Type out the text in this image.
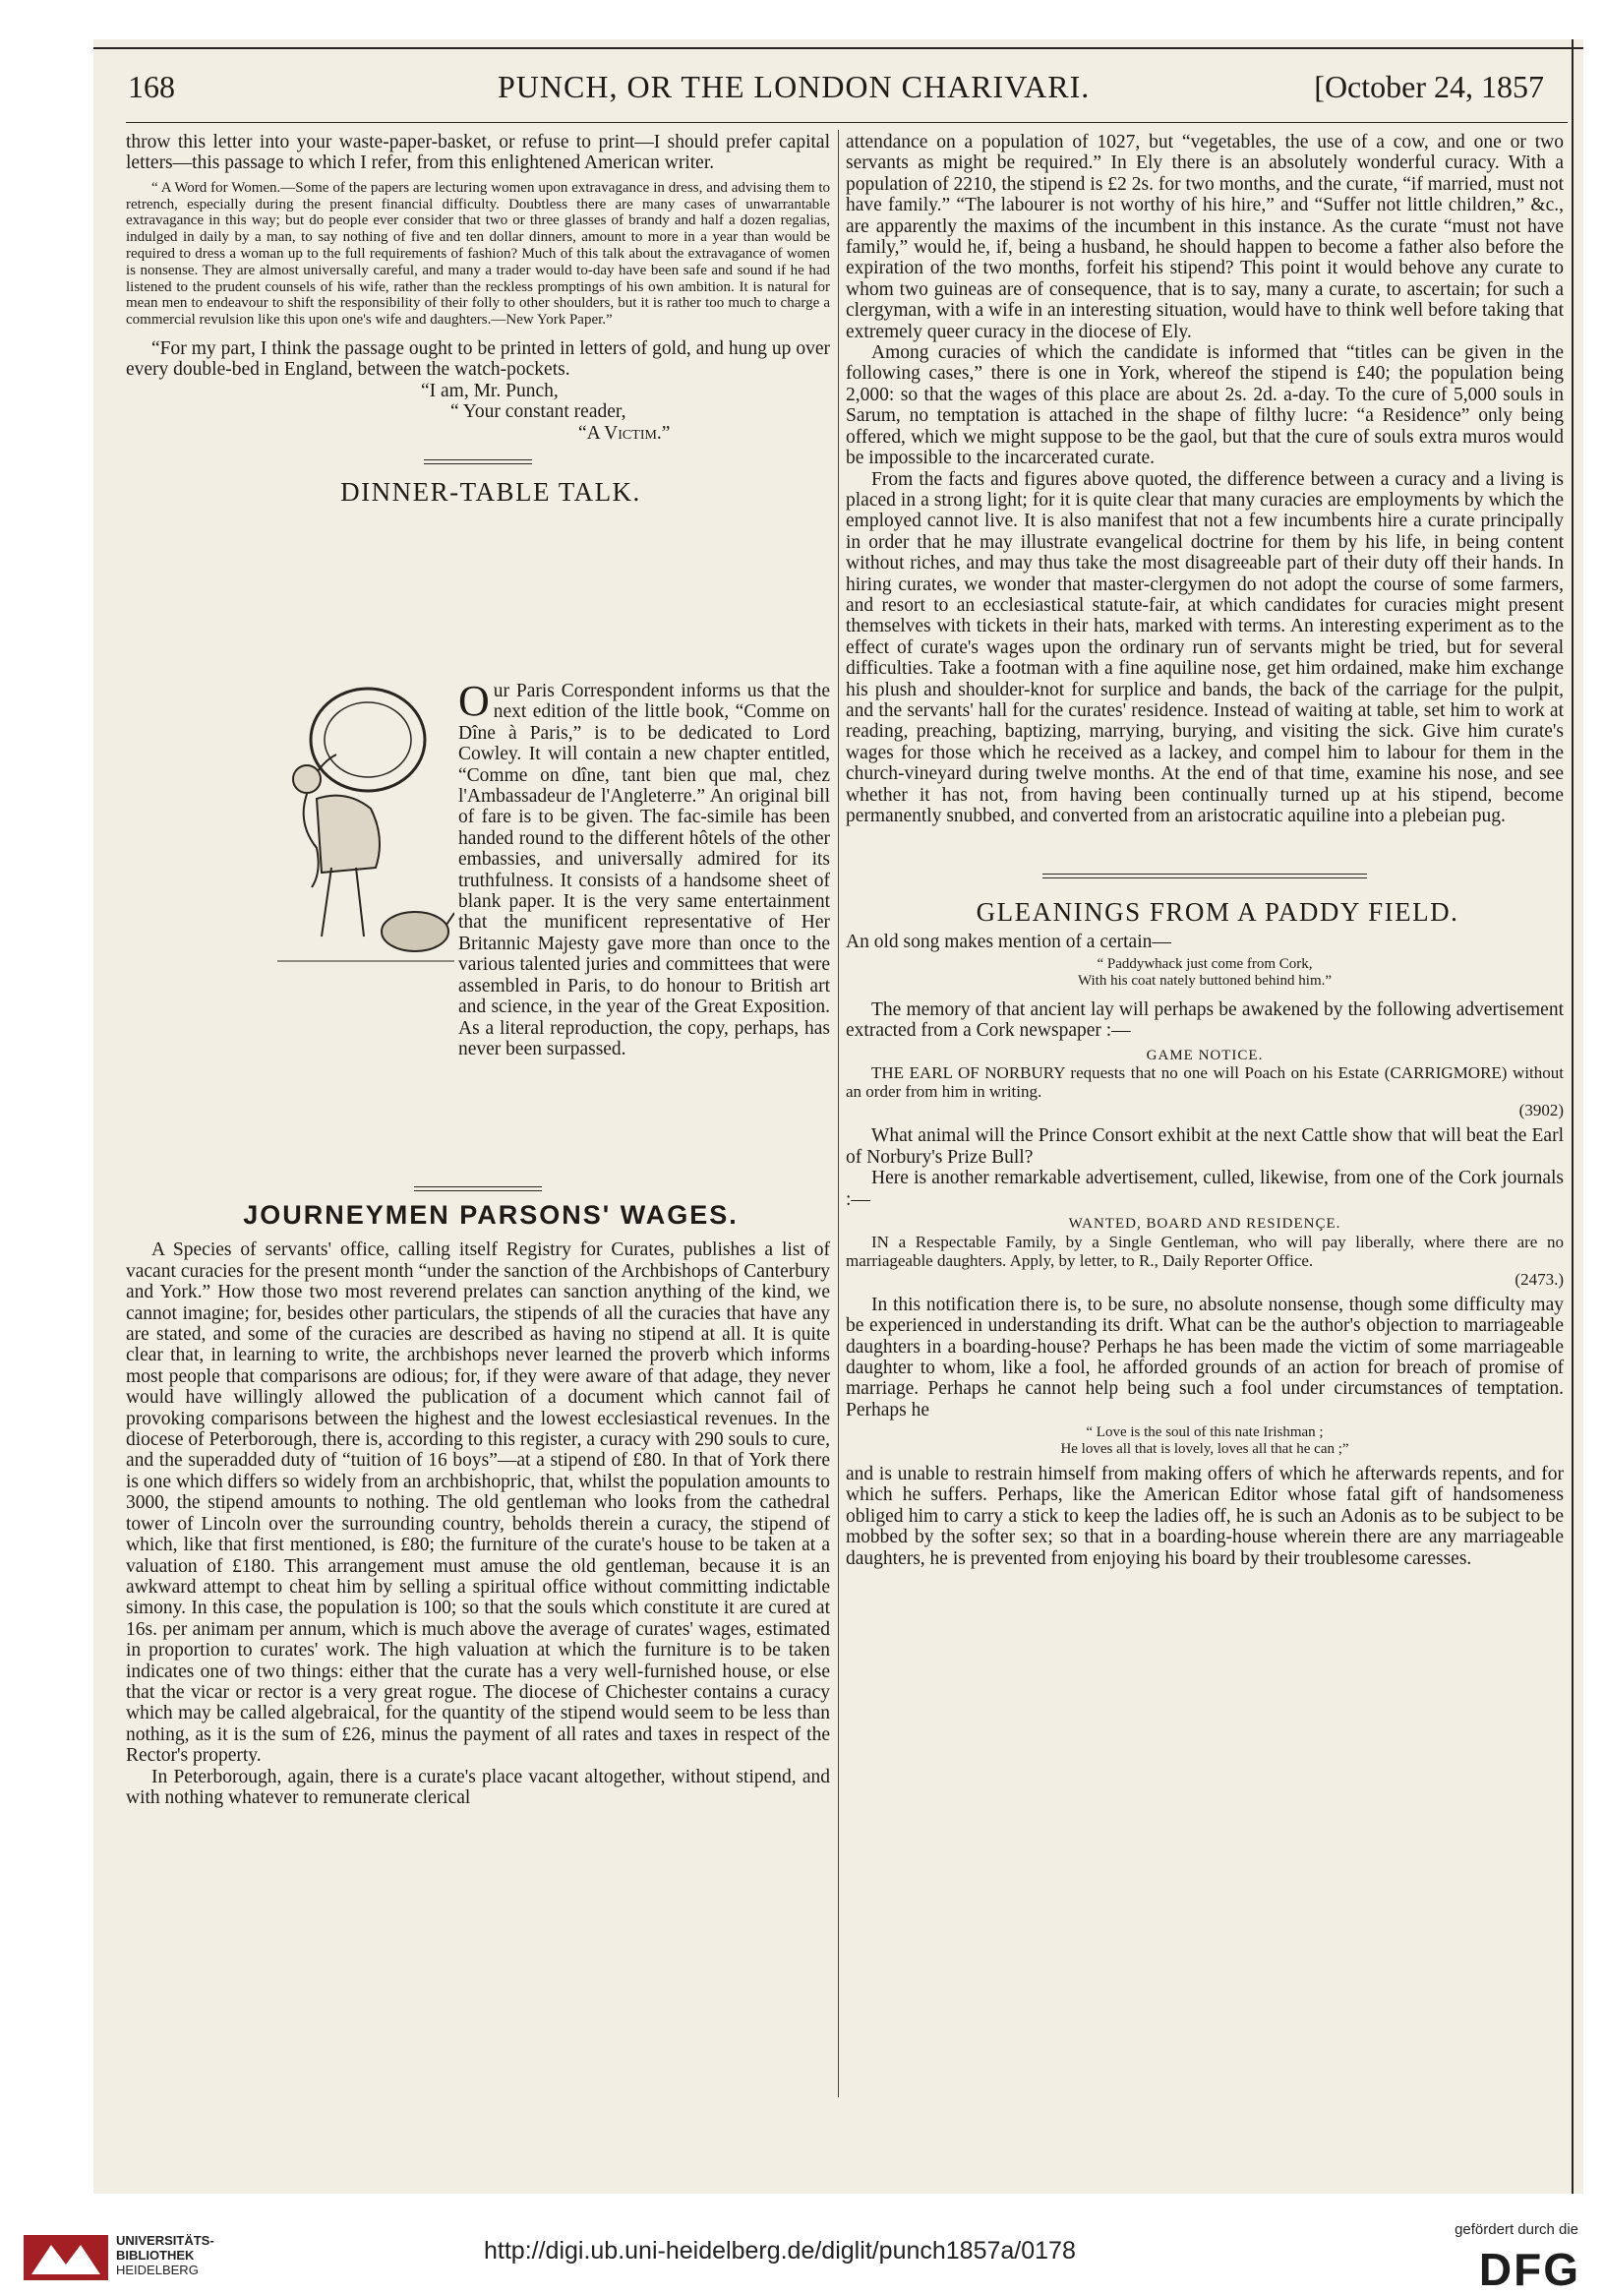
168	PUNCH, OR THE LONDON CHARIVARI.	[October 24, 1857

throw this letter into your waste-paper-basket, or refuse to print—I should prefer capital letters—this passage to which I refer, from this enlightened American writer.

“ A Word for Women.—Some of the papers are lecturing women upon extravagance in dress, and advising them to retrench, especially during the present financial difficulty. Doubtless there are many cases of unwarrantable extravagance in this way; but do people ever consider that two or three glasses of brandy and half a dozen regalias, indulged in daily by a man, to say nothing of five and ten dollar dinners, amount to more in a year than would be required to dress a woman up to the full requirements of fashion? Much of this talk about the extravagance of women is nonsense. They are almost universally careful, and many a trader would to-day have been safe and sound if he had listened to the prudent counsels of his wife, rather than the reckless promptings of his own ambition. It is natural for mean men to endeavour to shift the responsibility of their folly to other shoulders, but it is rather too much to charge a commercial revulsion like this upon one's wife and daughters.—New York Paper.”

“For my part, I think the passage ought to be printed in letters of gold, and hung up over every double-bed in England, between the watch-pockets.

“I am, Mr. Punch,

“ Your constant reader,

“A Victim.”

DINNER-TABLE TALK.

Our Paris Correspondent informs us that the next edition of the little book, “Comme on Dîne à Paris,” is to be dedicated to Lord Cowley. It will contain a new chapter entitled, “Comme on dîne, tant bien que mal, chez l'Ambassadeur de l'Angleterre.” An original bill of fare is to be given. The fac-simile has been handed round to the different hôtels of the other embassies, and universally admired for its truthfulness. It consists of a handsome sheet of blank paper. It is the very same entertainment that the munificent representative of Her Britannic Majesty gave more than once to the various talented juries and committees that were assembled in Paris, to do honour to British art and science, in the year of the Great Exposition. As a literal reproduction, the copy, perhaps, has never been surpassed.

JOURNEYMEN PARSONS' WAGES.

A Species of servants' office, calling itself Registry for Curates, publishes a list of vacant curacies for the present month “under the sanction of the Archbishops of Canterbury and York.” How those two most reverend prelates can sanction anything of the kind, we cannot imagine; for, besides other particulars, the stipends of all the curacies that have any are stated, and some of the curacies are described as having no stipend at all. It is quite clear that, in learning to write, the archbishops never learned the proverb which informs most people that comparisons are odious; for, if they were aware of that adage, they never would have willingly allowed the publication of a document which cannot fail of provoking comparisons between the highest and the lowest ecclesiastical revenues. In the diocese of Peterborough, there is, according to this register, a curacy with 290 souls to cure, and the superadded duty of “tuition of 16 boys”—at a stipend of £80. In that of York there is one which differs so widely from an archbishopric, that, whilst the population amounts to 3000, the stipend amounts to nothing. The old gentleman who looks from the cathedral tower of Lincoln over the surrounding country, beholds therein a curacy, the stipend of which, like that first mentioned, is £80; the furniture of the curate's house to be taken at a valuation of £180. This arrangement must amuse the old gentleman, because it is an awkward attempt to cheat him by selling a spiritual office without committing indictable simony. In this case, the population is 100; so that the souls which constitute it are cured at 16s. per animam per annum, which is much above the average of curates' wages, estimated in proportion to curates' work. The high valuation at which the furniture is to be taken indicates one of two things: either that the curate has a very well-furnished house, or else that the vicar or rector is a very great rogue. The diocese of Chichester contains a curacy which may be called algebraical, for the quantity of the stipend would seem to be less than nothing, as it is the sum of £26, minus the payment of all rates and taxes in respect of the Rector's property.

In Peterborough, again, there is a curate's place vacant altogether, without stipend, and with nothing whatever to remunerate clerical

attendance on a population of 1027, but “vegetables, the use of a cow, and one or two servants as might be required.” In Ely there is an absolutely wonderful curacy. With a population of 2210, the stipend is £2 2s. for two months, and the curate, “if married, must not have family.” “The labourer is not worthy of his hire,” and “Suffer not little children,” &c., are apparently the maxims of the incumbent in this instance. As the curate “must not have family,” would he, if, being a husband, he should happen to become a father also before the expiration of the two months, forfeit his stipend? This point it would behove any curate to whom two guineas are of consequence, that is to say, many a curate, to ascertain; for such a clergyman, with a wife in an interesting situation, would have to think well before taking that extremely queer curacy in the diocese of Ely.

Among curacies of which the candidate is informed that “titles can be given in the following cases,” there is one in York, whereof the stipend is £40; the population being 2,000: so that the wages of this place are about 2s. 2d. a-day. To the cure of 5,000 souls in Sarum, no temptation is attached in the shape of filthy lucre: “a Residence” only being offered, which we might suppose to be the gaol, but that the cure of souls extra muros would be impossible to the incarcerated curate.

From the facts and figures above quoted, the difference between a curacy and a living is placed in a strong light; for it is quite clear that many curacies are employments by which the employed cannot live. It is also manifest that not a few incumbents hire a curate principally in order that he may illustrate evangelical doctrine for them by his life, in being content without riches, and may thus take the most disagreeable part of their duty off their hands. In hiring curates, we wonder that master-clergymen do not adopt the course of some farmers, and resort to an ecclesiastical statute-fair, at which candidates for curacies might present themselves with tickets in their hats, marked with terms. An interesting experiment as to the effect of curate's wages upon the ordinary run of servants might be tried, but for several difficulties. Take a footman with a fine aquiline nose, get him ordained, make him exchange his plush and shoulder-knot for surplice and bands, the back of the carriage for the pulpit, and the servants' hall for the curates' residence. Instead of waiting at table, set him to work at reading, preaching, baptizing, marrying, burying, and visiting the sick. Give him curate's wages for those which he received as a lackey, and compel him to labour for them in the church-vineyard during twelve months. At the end of that time, examine his nose, and see whether it has not, from having been continually turned up at his stipend, become permanently snubbed, and converted from an aristocratic aquiline into a plebeian pug.

GLEANINGS FROM A PADDY FIELD.

An old song makes mention of a certain—

“ Paddywhack just come from Cork,

With his coat nately buttoned behind him.”

The memory of that ancient lay will perhaps be awakened by the following advertisement extracted from a Cork newspaper :—

GAME NOTICE.

THE EARL OF NORBURY requests that no one will Poach on his Estate (CARRIGMORE) without an order from him in writing.

(3902)

What animal will the Prince Consort exhibit at the next Cattle show that will beat the Earl of Norbury's Prize Bull?

Here is another remarkable advertisement, culled, likewise, from one of the Cork journals :—

WANTED, BOARD AND RESIDENÇE.

IN a Respectable Family, by a Single Gentleman, who will pay liberally, where there are no marriageable daughters. Apply, by letter, to R., Daily Reporter Office.

(2473.)

In this notification there is, to be sure, no absolute nonsense, though some difficulty may be experienced in understanding its drift. What can be the author's objection to marriageable daughters in a boarding-house? Perhaps he has been made the victim of some marriageable daughter to whom, like a fool, he afforded grounds of an action for breach of promise of marriage. Perhaps he cannot help being such a fool under circumstances of temptation. Perhaps he

“ Love is the soul of this nate Irishman ;

He loves all that is lovely, loves all that he can ;”

and is unable to restrain himself from making offers of which he afterwards repents, and for which he suffers. Perhaps, like the American Editor whose fatal gift of handsomeness obliged him to carry a stick to keep the ladies off, he is such an Adonis as to be subject to be mobbed by the softer sex; so that in a boarding-house wherein there are any marriageable daughters, he is prevented from enjoying his board by their troublesome caresses.

UNIVERSITÄTS-
BIBLIOTHEK
HEIDELBERG
http://digi.ub.uni-heidelberg.de/diglit/punch1857a/0178
gefördert durch die
DFG
